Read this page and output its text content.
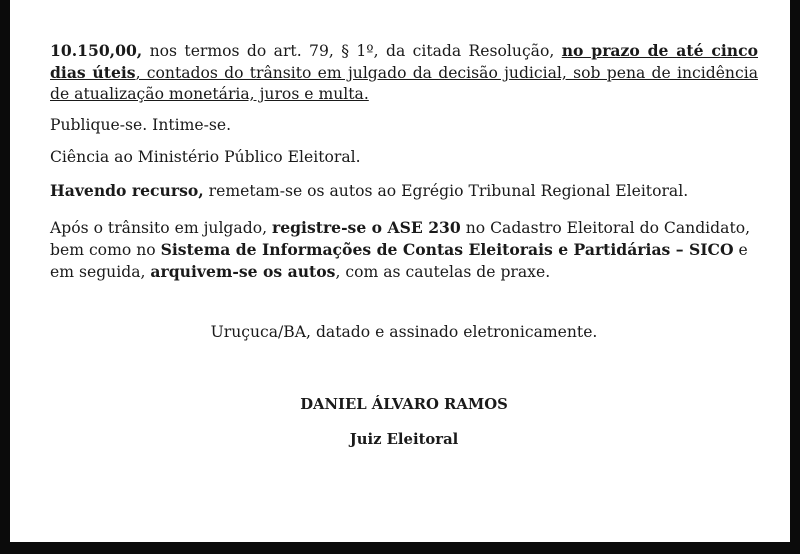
10.150,00, nos termos do art. 79, § 1º, da citada Resolução, no prazo de até cinco dias úteis, contados do trânsito em julgado da decisão judicial, sob pena de incidência de atualização monetária, juros e multa.

Publique-se. Intime-se.

Ciência ao Ministério Público Eleitoral.

Havendo recurso, remetam-se os autos ao Egrégio Tribunal Regional Eleitoral.

Após o trânsito em julgado, registre-se o ASE 230 no Cadastro Eleitoral do Candidato, bem como no Sistema de Informações de Contas Eleitorais e Partidárias – SICO e em seguida, arquivem-se os autos, com as cautelas de praxe.

Uruçuca/BA, datado e assinado eletronicamente.

DANIEL ÁLVARO RAMOS

Juiz Eleitoral
